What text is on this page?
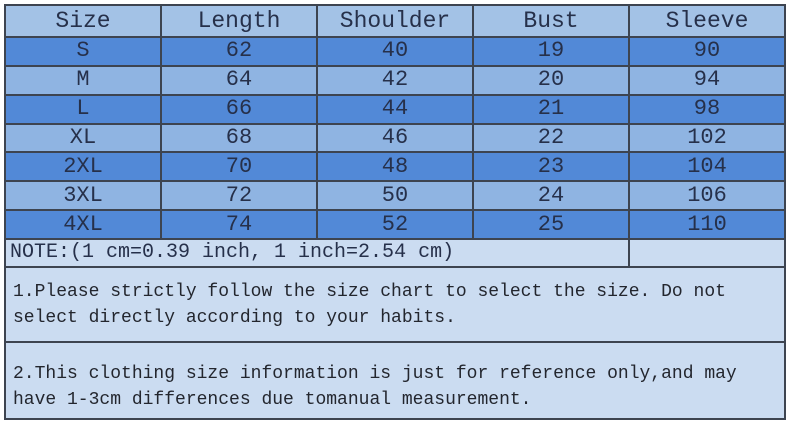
Size	Length	Shoulder	Bust	Sleeve
S	62	40	19	90
M	64	42	20	94
L	66	44	21	98
XL	68	46	22	102
2XL	70	48	23	104
3XL	72	50	24	106
4XL	74	52	25	110
NOTE:(1 cm=0.39 inch, 1 inch=2.54 cm)				
1.Please strictly follow the size chart to select the size. Do not
select directly according to your habits.
2.This clothing size information is just for reference only,and may
have 1-3cm differences due tomanual measurement.
